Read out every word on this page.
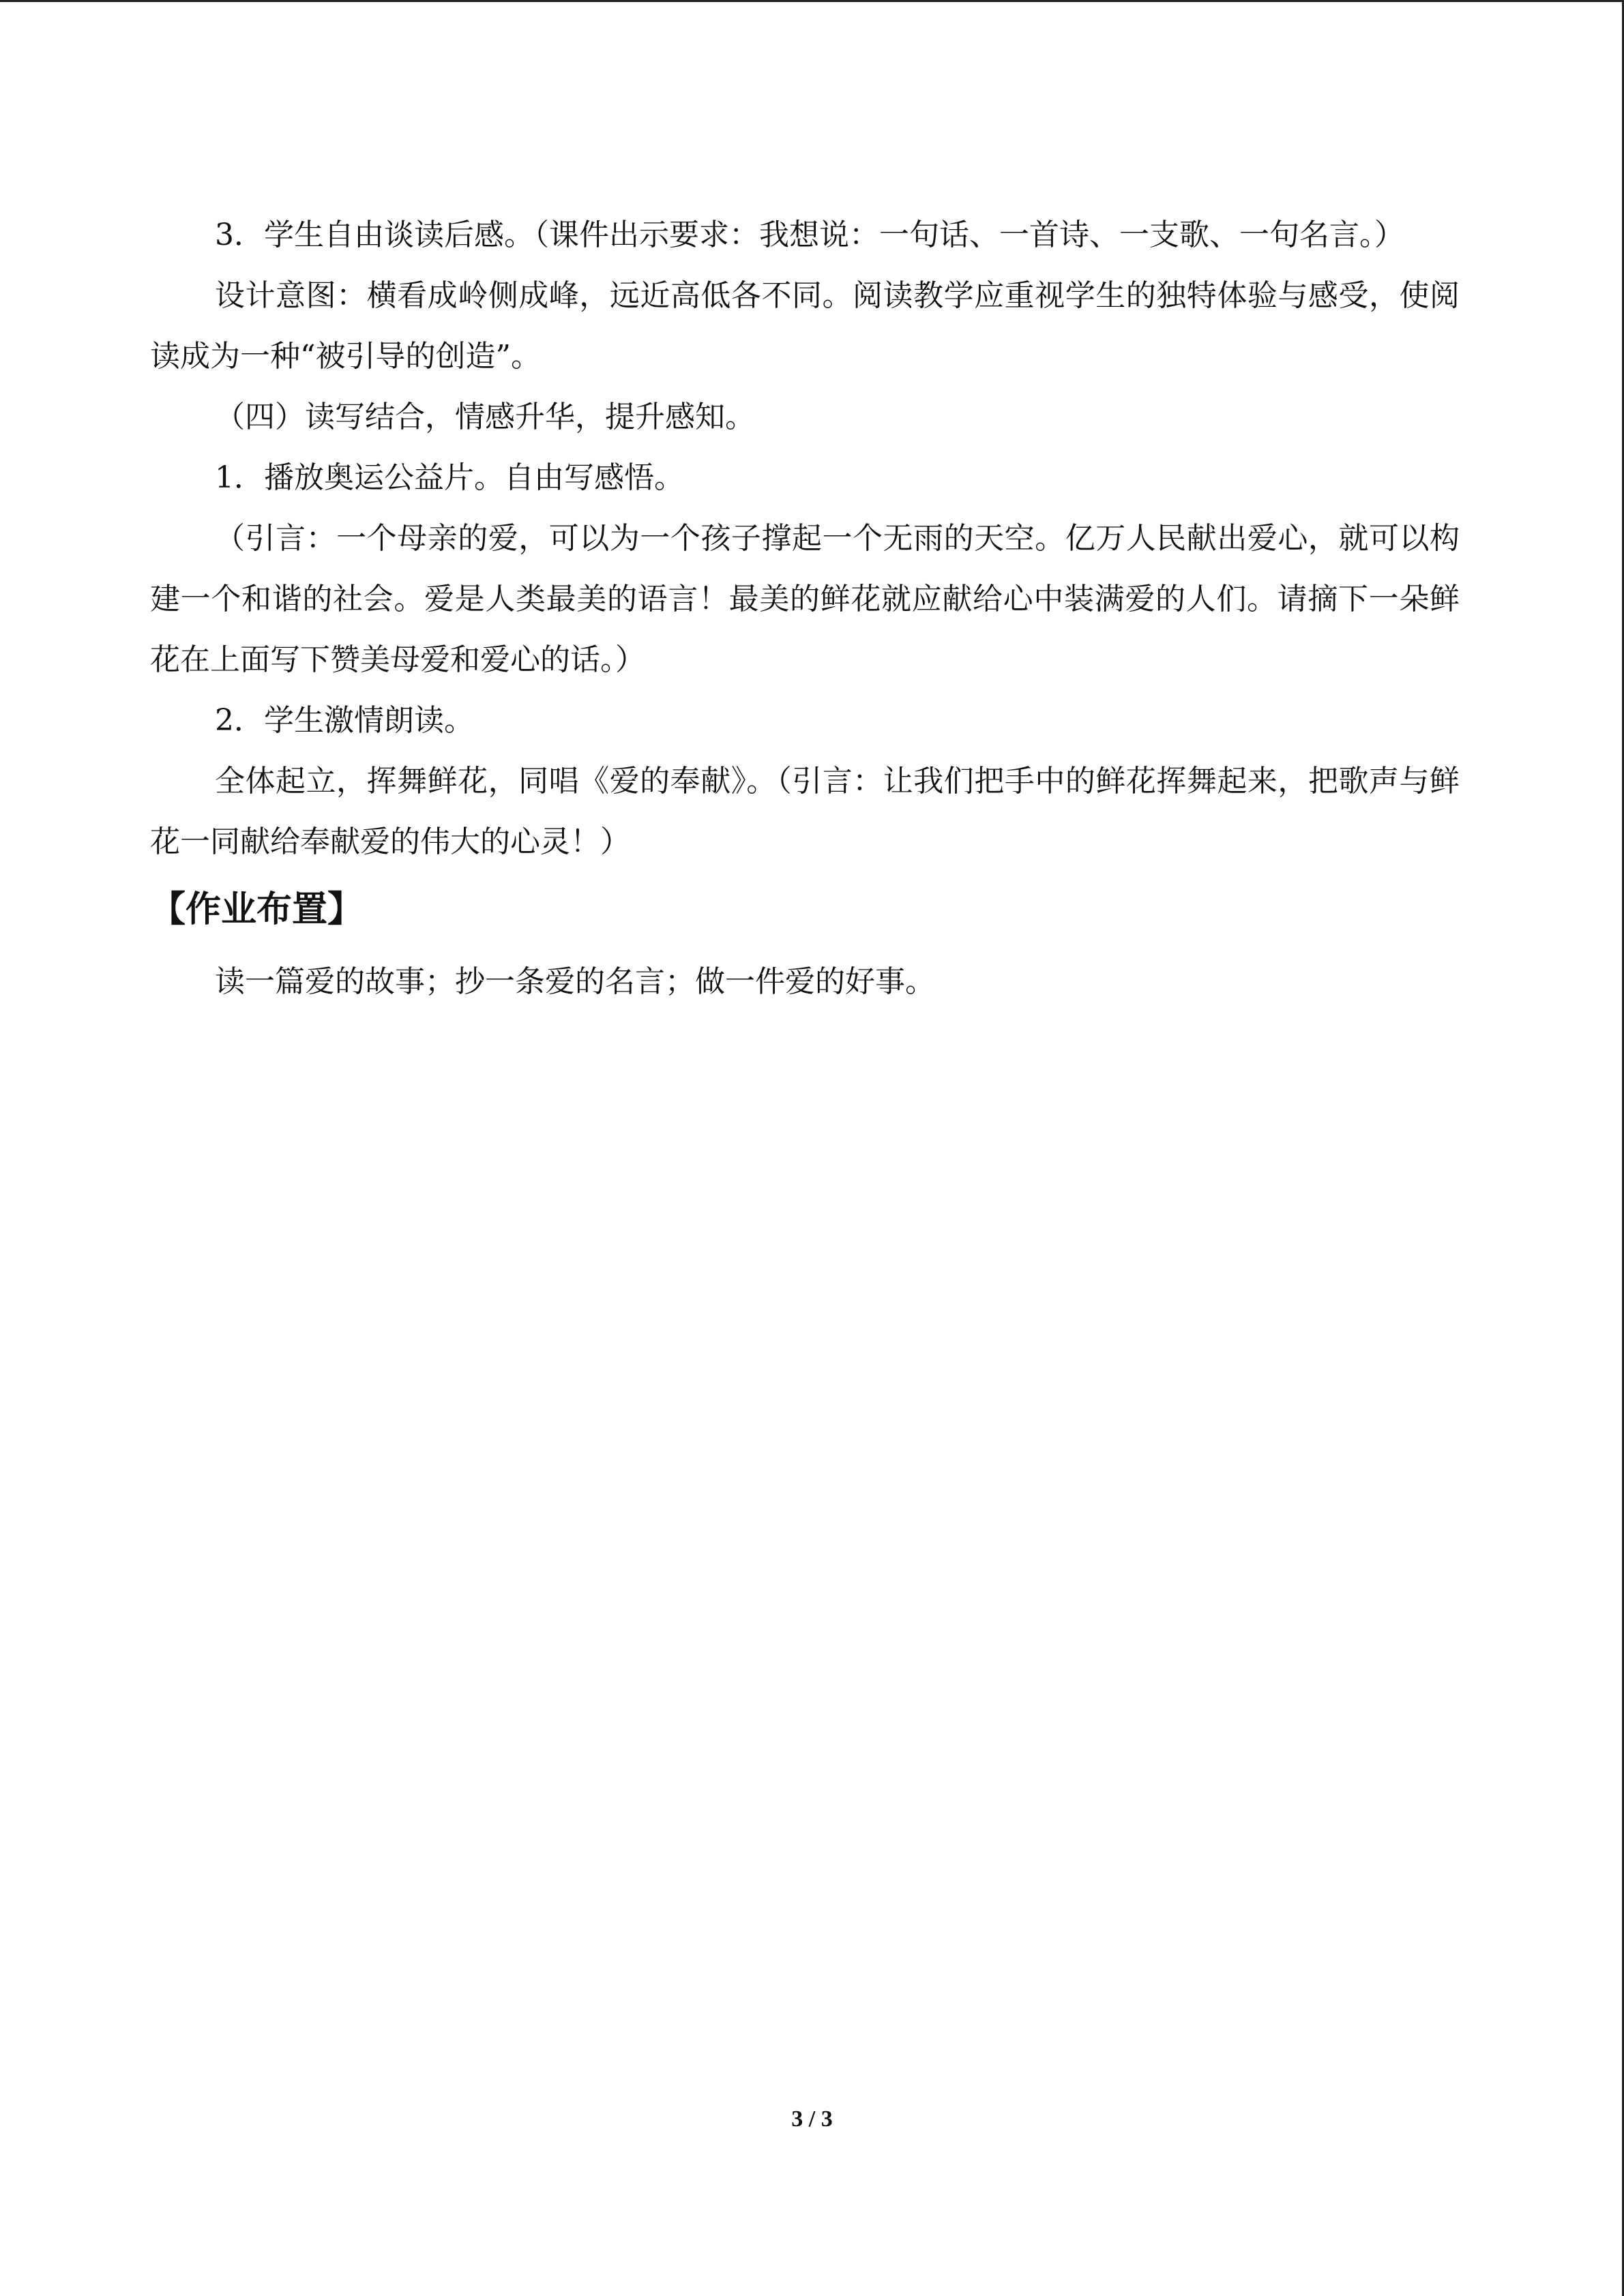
3．学生自由谈读后感。（课件出示要求：我想说：一句话、一首诗、一支歌、一句名言。）

设计意图：横看成岭侧成峰，远近高低各不同。阅读教学应重视学生的独特体验与感受，使阅读成为一种“被引导的创造”。

（四）读写结合，情感升华，提升感知。

1．播放奥运公益片。自由写感悟。

（引言：一个母亲的爱，可以为一个孩子撑起一个无雨的天空。亿万人民献出爱心，就可以构建一个和谐的社会。爱是人类最美的语言！最美的鲜花就应献给心中装满爱的人们。请摘下一朵鲜花在上面写下赞美母爱和爱心的话。）

2．学生激情朗读。

全体起立，挥舞鲜花，同唱《爱的奉献》。（引言：让我们把手中的鲜花挥舞起来，把歌声与鲜花一同献给奉献爱的伟大的心灵！）

【作业布置】

读一篇爱的故事；抄一条爱的名言；做一件爱的好事。

3 / 3
